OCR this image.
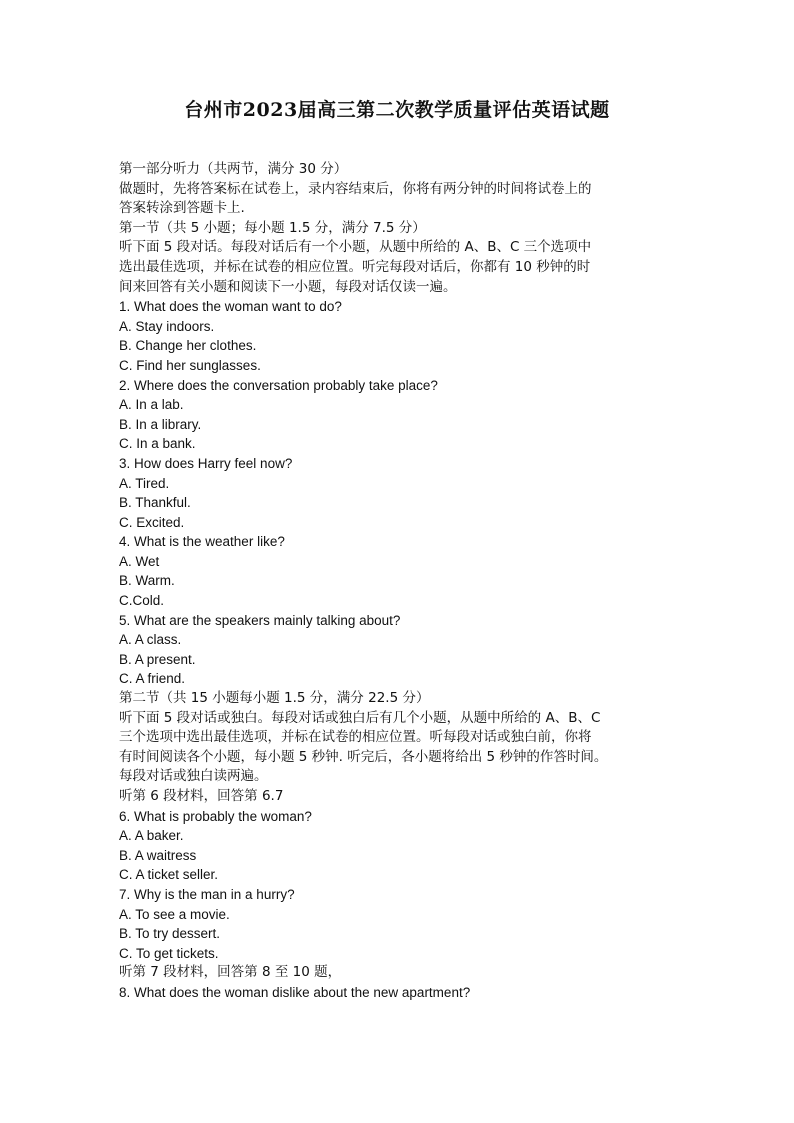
台州市2023届高三第二次教学质量评估英语试题
第一部分听力（共两节，满分 30 分）
做题时，先将答案标在试卷上，录内容结束后，你将有两分钟的时间将试卷上的
答案转涂到答题卡上.
第一节（共 5 小题；每小题 1.5 分，满分 7.5 分）
听下面 5 段对话。每段对话后有一个小题，从题中所给的 A、B、C 三个选项中
选出最佳选项，并标在试卷的相应位置。听完每段对话后，你都有 10 秒钟的时
间来回答有关小题和阅读下一小题，每段对话仅读一遍。
1. What does the woman want to do?
A. Stay indoors.
B. Change her clothes.
C. Find her sunglasses.
2. Where does the conversation probably take place?
A. In a lab.
B. In a library.
C. In a bank.
3. How does Harry feel now?
A. Tired.
B. Thankful.
C. Excited.
4. What is the weather like?
A. Wet
B. Warm.
C.Cold.
5. What are the speakers mainly talking about?
A. A class.
B. A present.
C. A friend.
第二节（共 15 小题每小题 1.5 分，满分 22.5 分）
听下面 5 段对话或独白。每段对话或独白后有几个小题，从题中所给的 A、B、C
三个选项中选出最佳选项，并标在试卷的相应位置。听每段对话或独白前，你将
有时间阅读各个小题，每小题 5 秒钟. 听完后，各小题将给出 5 秒钟的作答时间。
每段对话或独白读两遍。
听第 6 段材料，回答第 6.7
6. What is probably the woman?
A. A baker.
B. A waitress
C. A ticket seller.
7. Why is the man in a hurry?
A. To see a movie.
B. To try dessert.
C. To get tickets.
听第 7 段材料，回答第 8 至 10 题，
8. What does the woman dislike about the new apartment?
